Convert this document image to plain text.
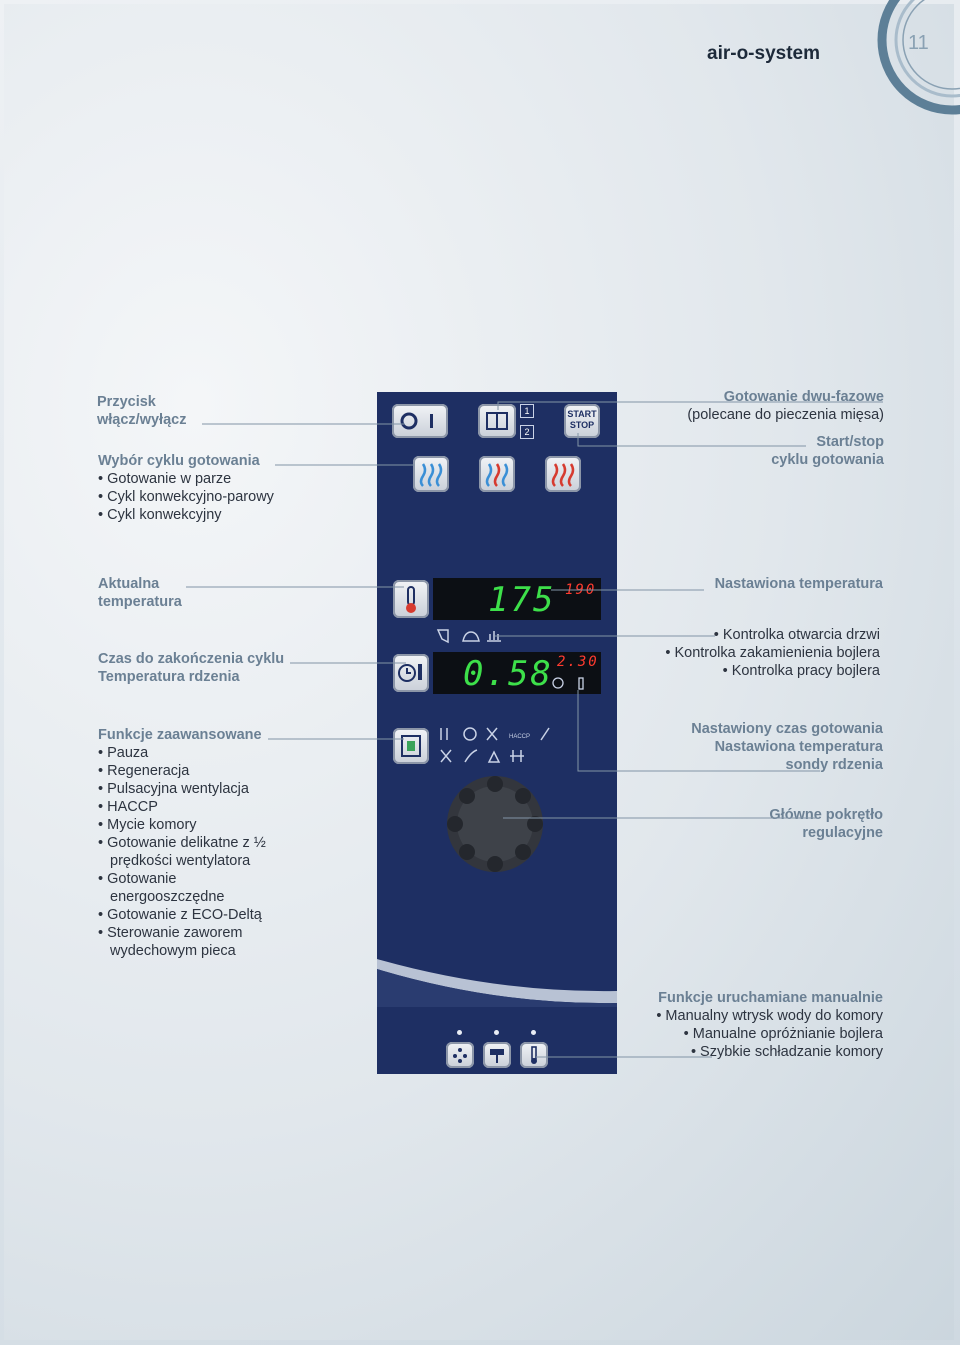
air-o-system	11
Przycisk
włącz/wyłącz
Wybór cyklu gotowania
• Gotowanie w parze
• Cykl konwekcyjno-parowy
• Cykl konwekcyjny
Aktualna
temperatura
Czas do zakończenia cyklu
Temperatura rdzenia
Funkcje zaawansowane
• Pauza
• Regeneracja
• Pulsacyjna wentylacja
• HACCP
• Mycie komory
• Gotowanie delikatne z ½ prędkości wentylatora
• Gotowanie energooszczędne
• Gotowanie z ECO-Deltą
• Sterowanie zaworem wydechowym pieca
Gotowanie dwu-fazowe
(polecane do pieczenia mięsa)
Start/stop
cyklu gotowania
Nastawiona temperatura
• Kontrolka otwarcia drzwi
• Kontrolka zakamienienia bojlera
• Kontrolka pracy bojlera
Nastawiony czas gotowania
Nastawiona temperatura
sondy rdzenia
Główne pokrętło
regulacyjne
Funkcje uruchamiane manualnie
• Manualny wtrysk wody do komory
• Manualne opróżnianie bojlera
• Szybkie schładzanie komory
1
2
START
STOP
175 190
0.58 2.30
HACCP
